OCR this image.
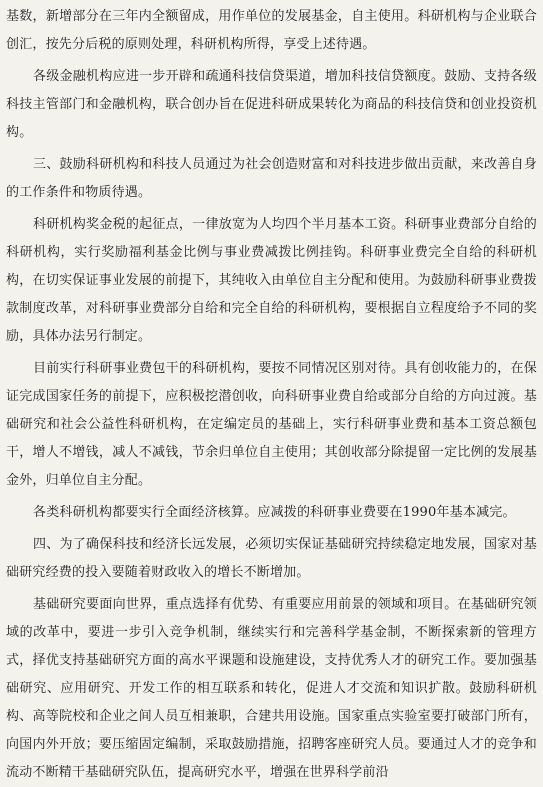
基数，新增部分在三年内全额留成，用作单位的发展基金，自主使用。科研机构与企业联合创汇，按先分后税的原则处理，科研机构所得，享受上述待遇。

各级金融机构应进一步开辟和疏通科技信贷渠道，增加科技信贷额度。鼓励、支持各级科技主管部门和金融机构，联合创办旨在促进科研成果转化为商品的科技信贷和创业投资机构。

三、鼓励科研机构和科技人员通过为社会创造财富和对科技进步做出贡献，来改善自身的工作条件和物质待遇。

科研机构奖金税的起征点，一律放宽为人均四个半月基本工资。科研事业费部分自给的科研机构，实行奖励福利基金比例与事业费减拨比例挂钩。科研事业费完全自给的科研机构，在切实保证事业发展的前提下，其纯收入由单位自主分配和使用。为鼓励科研事业费拨款制度改革，对科研事业费部分自给和完全自给的科研机构，要根据自立程度给予不同的奖励，具体办法另行制定。

目前实行科研事业费包干的科研机构，要按不同情况区别对待。具有创收能力的，在保证完成国家任务的前提下，应积极挖潜创收，向科研事业费自给或部分自给的方向过渡。基础研究和社会公益性科研机构，在定编定员的基础上，实行科研事业费和基本工资总额包干，增人不增钱，减人不减钱，节余归单位自主使用；其创收部分除提留一定比例的发展基金外，归单位自主分配。

各类科研机构都要实行全面经济核算。应减拨的科研事业费要在1990年基本减完。

四、为了确保科技和经济长远发展，必须切实保证基础研究持续稳定地发展，国家对基础研究经费的投入要随着财政收入的增长不断增加。

基础研究要面向世界，重点选择有优势、有重要应用前景的领域和项目。在基础研究领域的改革中，要进一步引入竞争机制，继续实行和完善科学基金制，不断探索新的管理方式，择优支持基础研究方面的高水平课题和设施建设，支持优秀人才的研究工作。要加强基础研究、应用研究、开发工作的相互联系和转化，促进人才交流和知识扩散。鼓励科研机构、高等院校和企业之间人员互相兼职，合建共用设施。国家重点实验室要打破部门所有，向国内外开放；要压缩固定编制，采取鼓励措施，招聘客座研究人员。要通过人才的竞争和流动不断精干基础研究队伍，提高研究水平，增强在世界科学前沿
